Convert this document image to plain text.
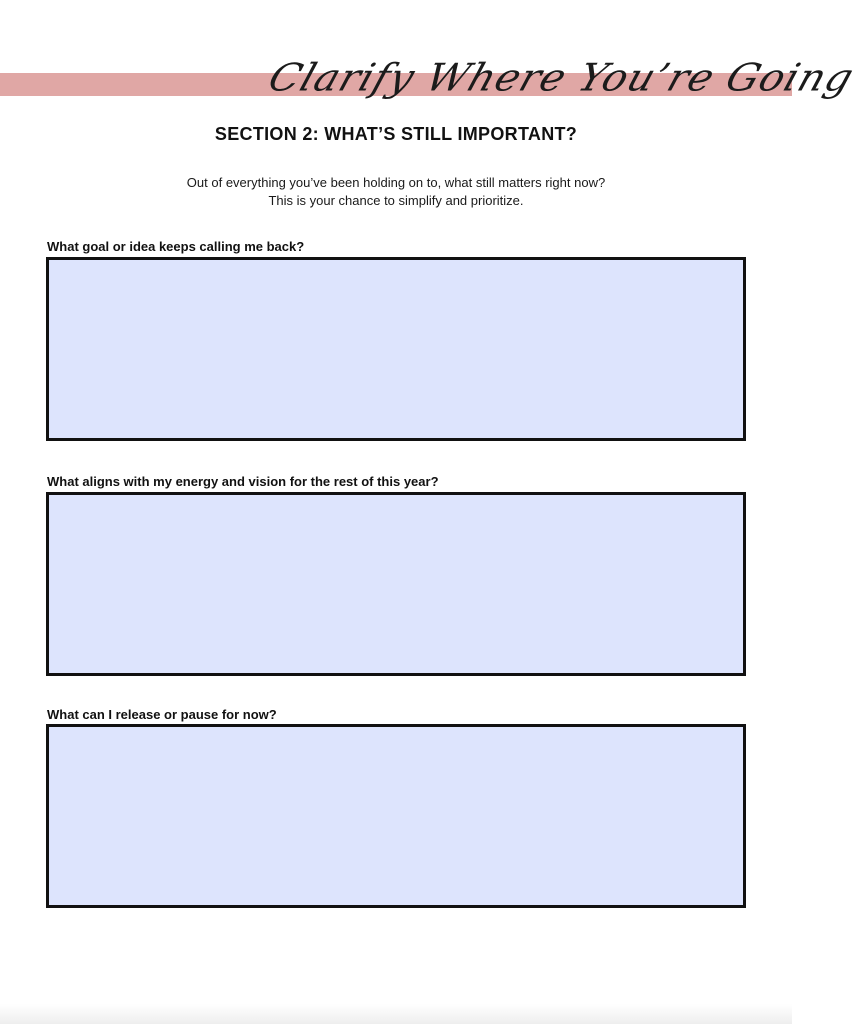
Clarify Where You’re Going
SECTION 2: WHAT’S STILL IMPORTANT?
Out of everything you’ve been holding on to, what still matters right now?
This is your chance to simplify and prioritize.
What goal or idea keeps calling me back?
What aligns with my energy and vision for the rest of this year?
What can I release or pause for now?
